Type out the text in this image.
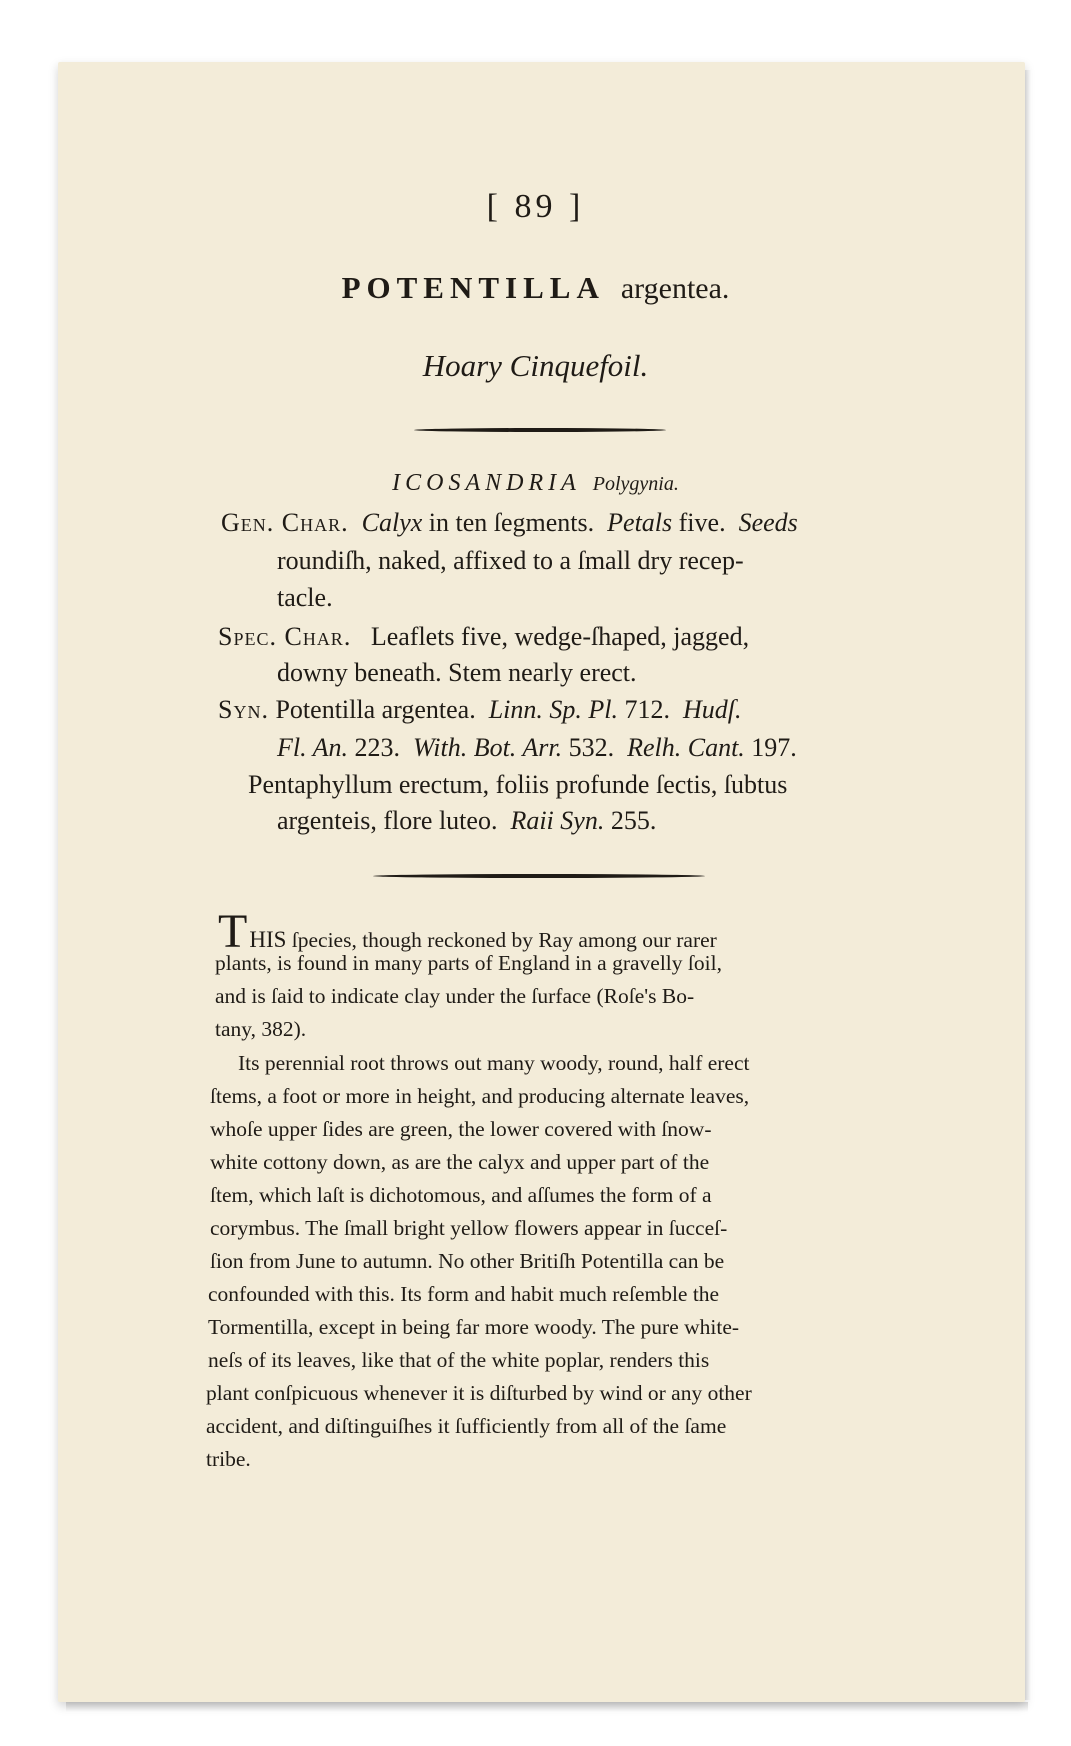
[ 89 ]
POTENTILLA argentea.
Hoary Cinquefoil.
ICOSANDRIA Polygynia.
Gen. Char. Calyx in ten ſegments. Petals five. Seeds
roundiſh, naked, affixed to a ſmall dry recep-
tacle.
Spec. Char. Leaflets five, wedge-ſhaped, jagged,
downy beneath. Stem nearly erect.
Syn. Potentilla argentea. Linn. Sp. Pl. 712. Hudſ.
Fl. An. 223. With. Bot. Arr. 532. Relh. Cant. 197.
Pentaphyllum erectum, foliis profunde ſectis, ſubtus
argenteis, flore luteo. Raii Syn. 255.
THIS ſpecies, though reckoned by Ray among our rarer
plants, is found in many parts of England in a gravelly ſoil,
and is ſaid to indicate clay under the ſurface (Roſe's Bo-
tany, 382).
Its perennial root throws out many woody, round, half erect
ſtems, a foot or more in height, and producing alternate leaves,
whoſe upper ſides are green, the lower covered with ſnow-
white cottony down, as are the calyx and upper part of the
ſtem, which laſt is dichotomous, and aſſumes the form of a
corymbus. The ſmall bright yellow flowers appear in ſucceſ-
ſion from June to autumn. No other Britiſh Potentilla can be
confounded with this. Its form and habit much reſemble the
Tormentilla, except in being far more woody. The pure white-
neſs of its leaves, like that of the white poplar, renders this
plant conſpicuous whenever it is diſturbed by wind or any other
accident, and diſtinguiſhes it ſufficiently from all of the ſame
tribe.
